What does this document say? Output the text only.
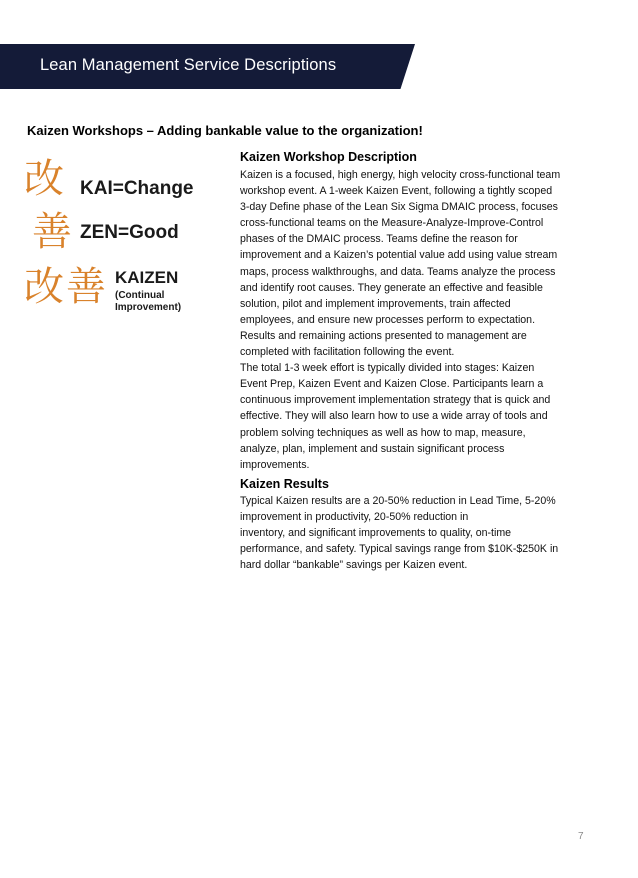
Lean Management Service Descriptions
Kaizen Workshops – Adding bankable value to the organization!
改
善
改 善
KAI=Change
ZEN=Good
KAIZEN
(Continual
Improvement)
Kaizen Workshop Description
Kaizen is a focused, high energy, high velocity cross-functional team
workshop event. A 1-week Kaizen Event, following a tightly scoped
3-day Define phase of the Lean Six Sigma DMAIC process, focuses
cross-functional teams on the Measure-Analyze-Improve-Control
phases of the DMAIC process. Teams define the reason for
improvement and a Kaizen’s potential value add using value stream
maps, process walkthroughs, and data. Teams analyze the process
and identify root causes. They generate an effective and feasible
solution, pilot and implement improvements, train affected
employees, and ensure new processes perform to expectation.
Results and remaining actions presented to management are
completed with facilitation following the event.
The total 1-3 week effort is typically divided into stages: Kaizen
Event Prep, Kaizen Event and Kaizen Close. Participants learn a
continuous improvement implementation strategy that is quick and
effective. They will also learn how to use a wide array of tools and
problem solving techniques as well as how to map, measure,
analyze, plan, implement and sustain significant process
improvements.
Kaizen Results
Typical Kaizen results are a 20-50% reduction in Lead Time, 5-20%
improvement in productivity, 20-50% reduction in
inventory, and significant improvements to quality, on-time
performance, and safety. Typical savings range from $10K-$250K in
hard dollar “bankable” savings per Kaizen event.
7
